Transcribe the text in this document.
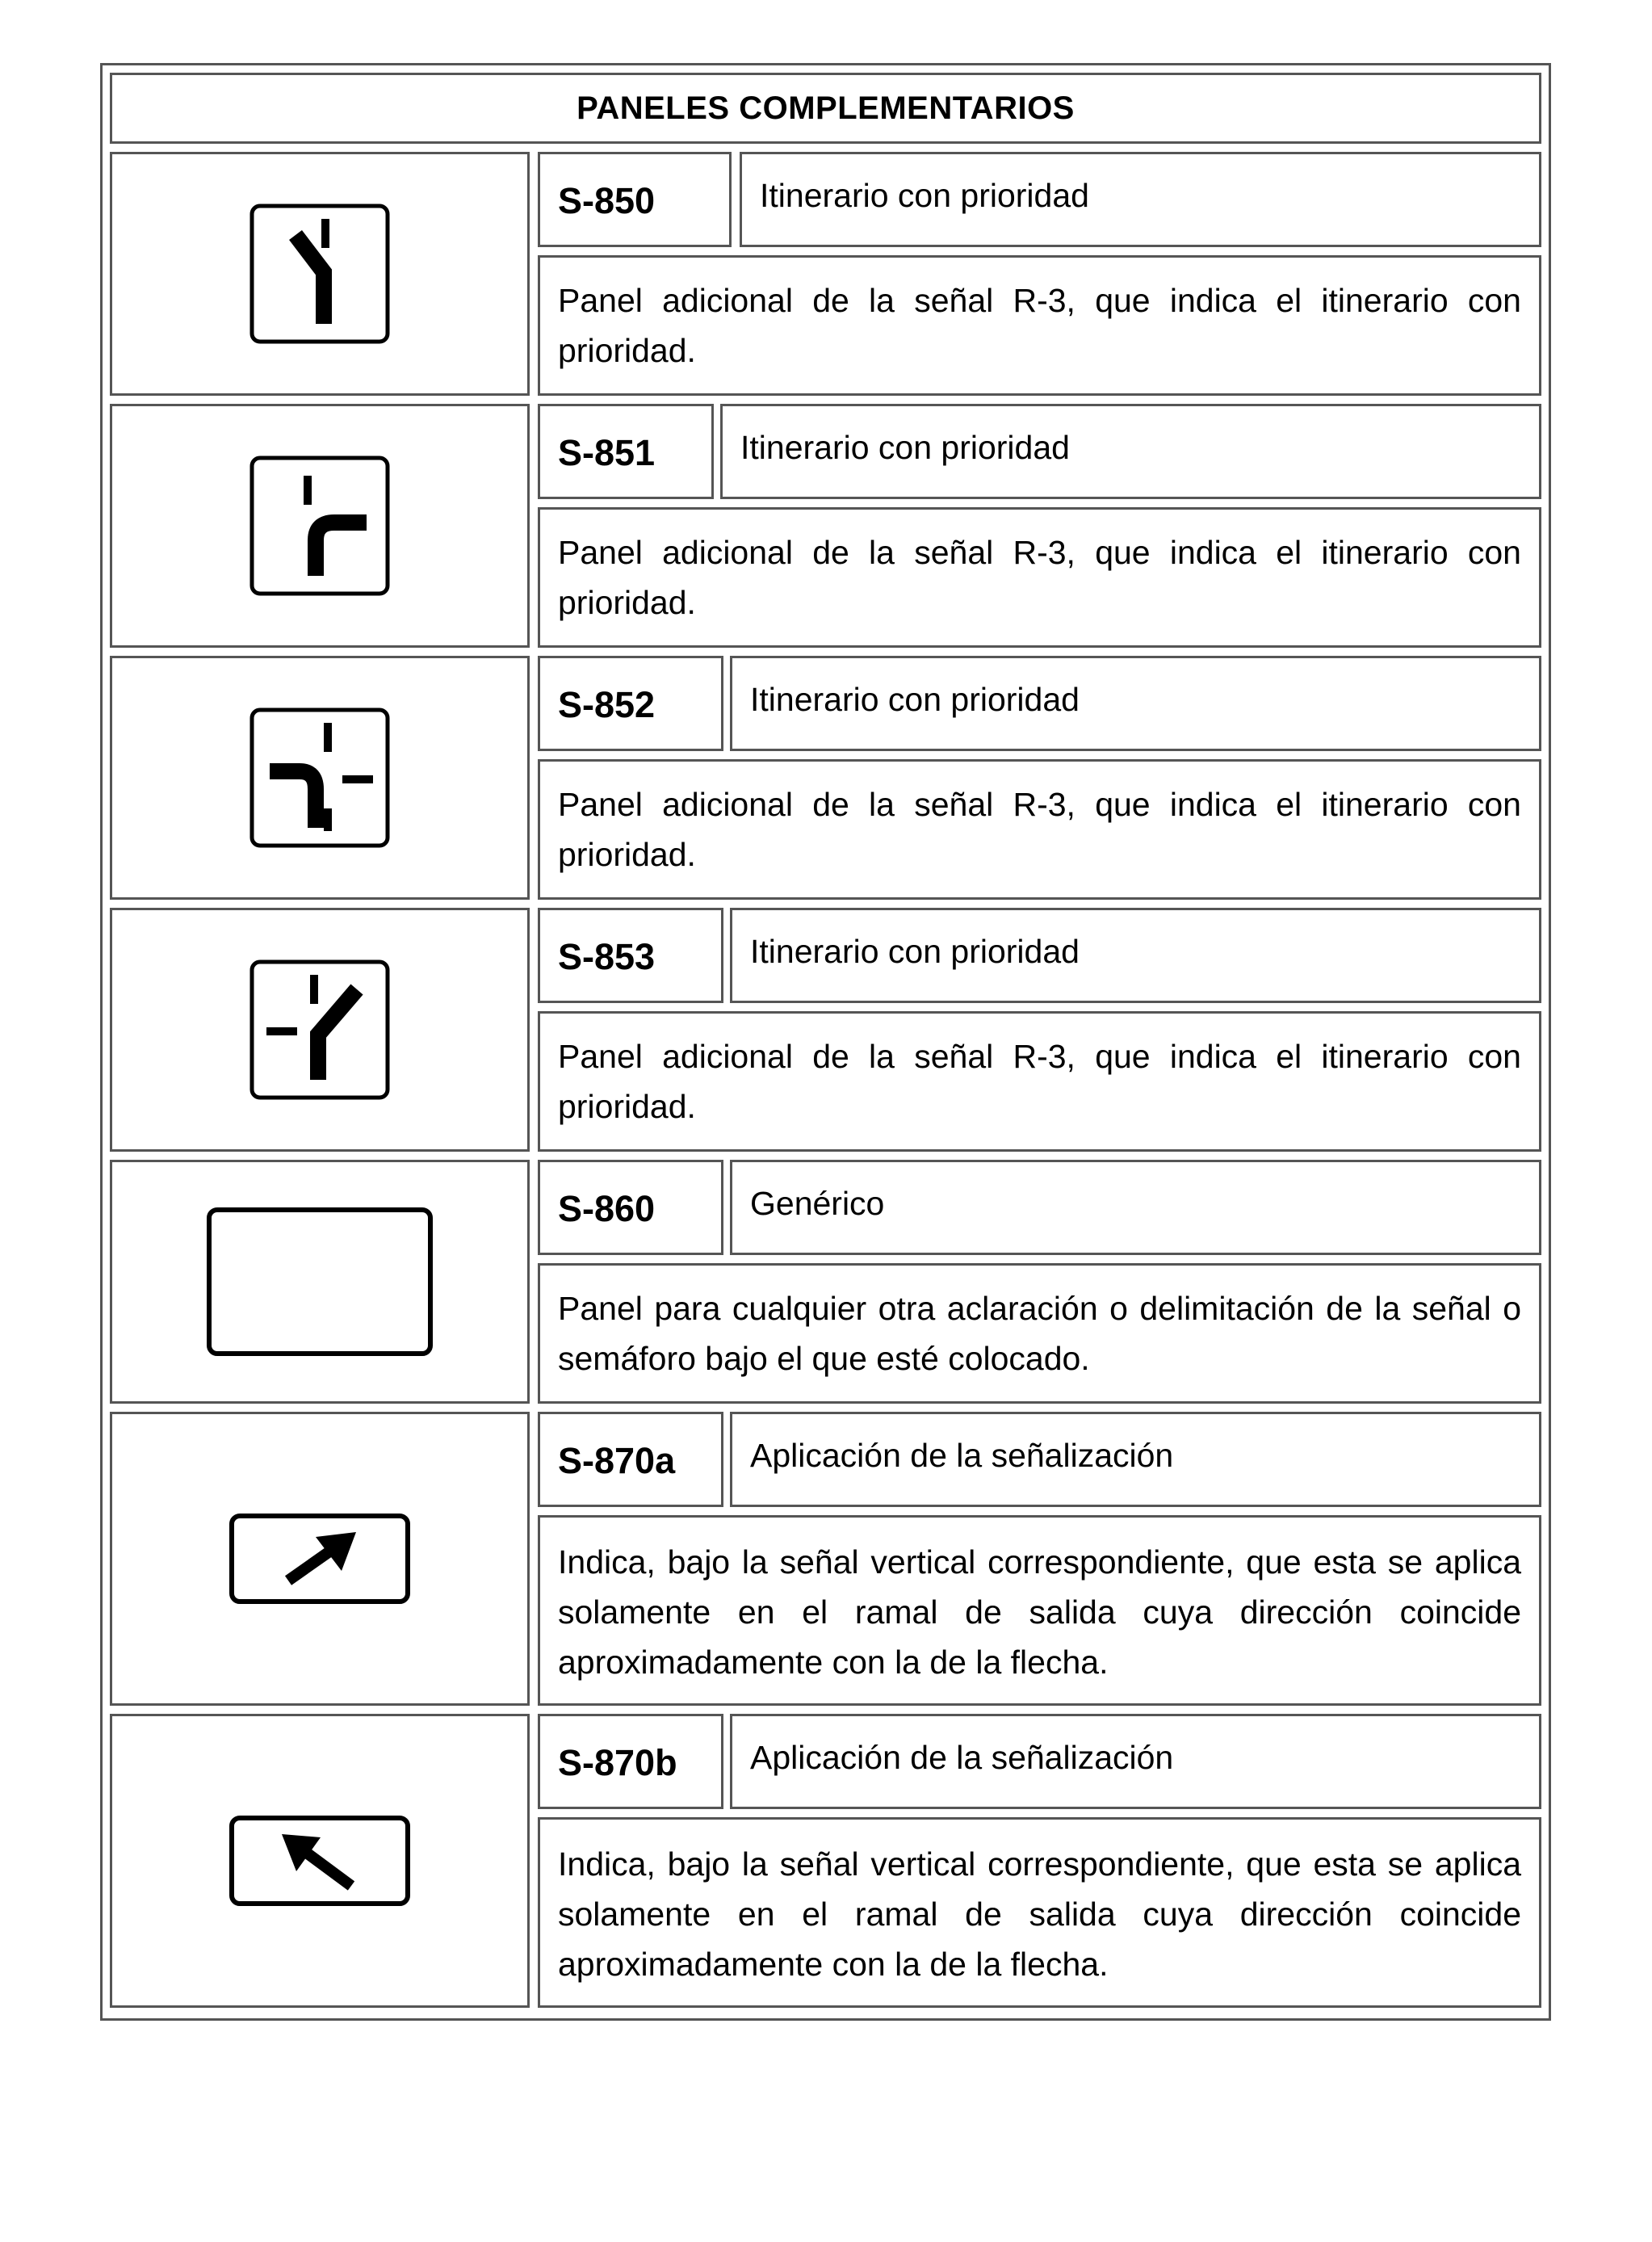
PANELES COMPLEMENTARIOS
S-850	Itinerario con prioridad
Panel adicional de la señal R-3, que indica el itinerario con prioridad.
S-851	Itinerario con prioridad
Panel adicional de la señal R-3, que indica el itinerario con prioridad.
S-852	Itinerario con prioridad
Panel adicional de la señal R-3, que indica el itinerario con prioridad.
S-853	Itinerario con prioridad
Panel adicional de la señal R-3, que indica el itinerario con prioridad.
S-860	Genérico
Panel para cualquier otra aclaración o delimitación de la señal o semáforo bajo el que esté colocado.
S-870a	Aplicación de la señalización
Indica, bajo la señal vertical correspondiente, que esta se aplica solamente en el ramal de salida cuya dirección coincide aproximadamente con la de la flecha.
S-870b	Aplicación de la señalización
Indica, bajo la señal vertical correspondiente, que esta se aplica solamente en el ramal de salida cuya dirección coincide aproximadamente con la de la flecha.
